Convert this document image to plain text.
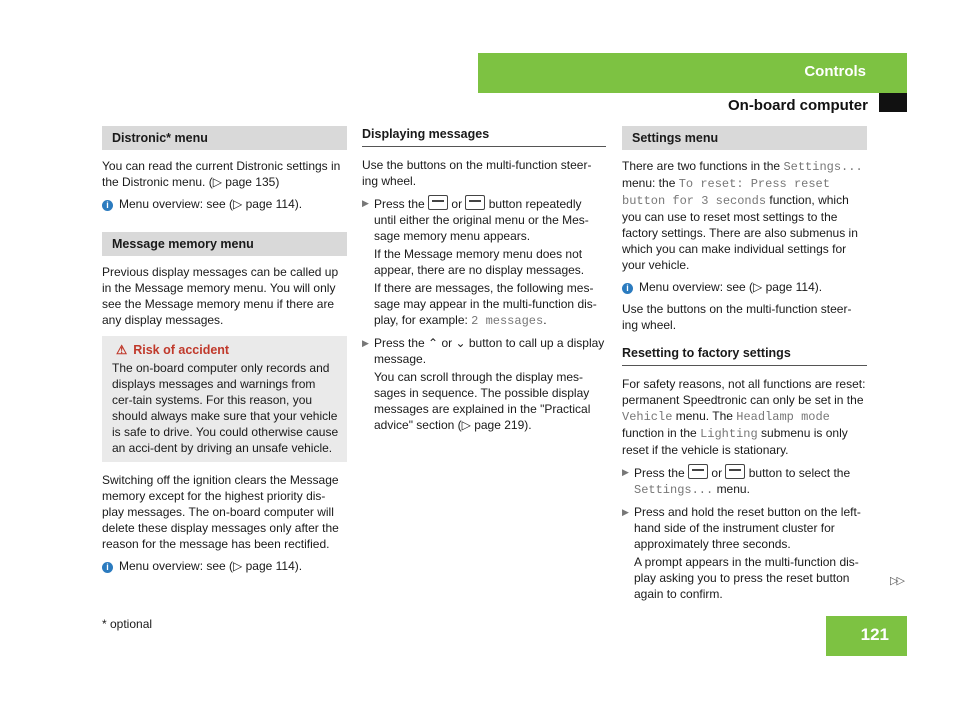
Controls
On-board computer
Distronic* menu

You can read the current Distronic settings in the Distronic menu. (▷ page 135)

i Menu overview: see (▷ page 114).

Message memory menu

Previous display messages can be called up in the Message memory menu. You will only see the Message memory menu if there are any display messages.

⚠ Risk of accident
The on-board computer only records and displays messages and warnings from cer-tain systems. For this reason, you should always make sure that your vehicle is safe to drive. You could otherwise cause an acci-dent by driving an unsafe vehicle.

Switching off the ignition clears the Message memory except for the highest priority dis-play messages. The on-board computer will delete these display messages only after the reason for the message has been rectified.

i Menu overview: see (▷ page 114).

Displaying messages

Use the buttons on the multi-function steer-ing wheel.

▶ Press the or button repeatedly until either the original menu or the Mes-sage memory menu appears.

If the Message memory menu does not appear, there are no display messages.

If there are messages, the following mes-sage may appear in the multi-function dis-play, for example: 2 messages.

▶ Press the ⌃ or ⌄ button to call up a display message.

You can scroll through the display mes-sages in sequence. The possible display messages are explained in the "Practical advice" section (▷ page 219).

Settings menu

There are two functions in the Settings... menu: the To reset: Press reset button for 3 seconds function, which you can use to reset most settings to the factory settings. There are also submenus in which you can make individual settings for your vehicle.

i Menu overview: see (▷ page 114).

Use the buttons on the multi-function steer-ing wheel.

Resetting to factory settings

For safety reasons, not all functions are reset: permanent Speedtronic can only be set in the Vehicle menu. The Headlamp mode function in the Lighting submenu is only reset if the vehicle is stationary.

▶ Press the or button to select the Settings... menu.

▶ Press and hold the reset button on the left-hand side of the instrument cluster for approximately three seconds.

A prompt appears in the multi-function dis-play asking you to press the reset button again to confirm.

▷▷
* optional
121
